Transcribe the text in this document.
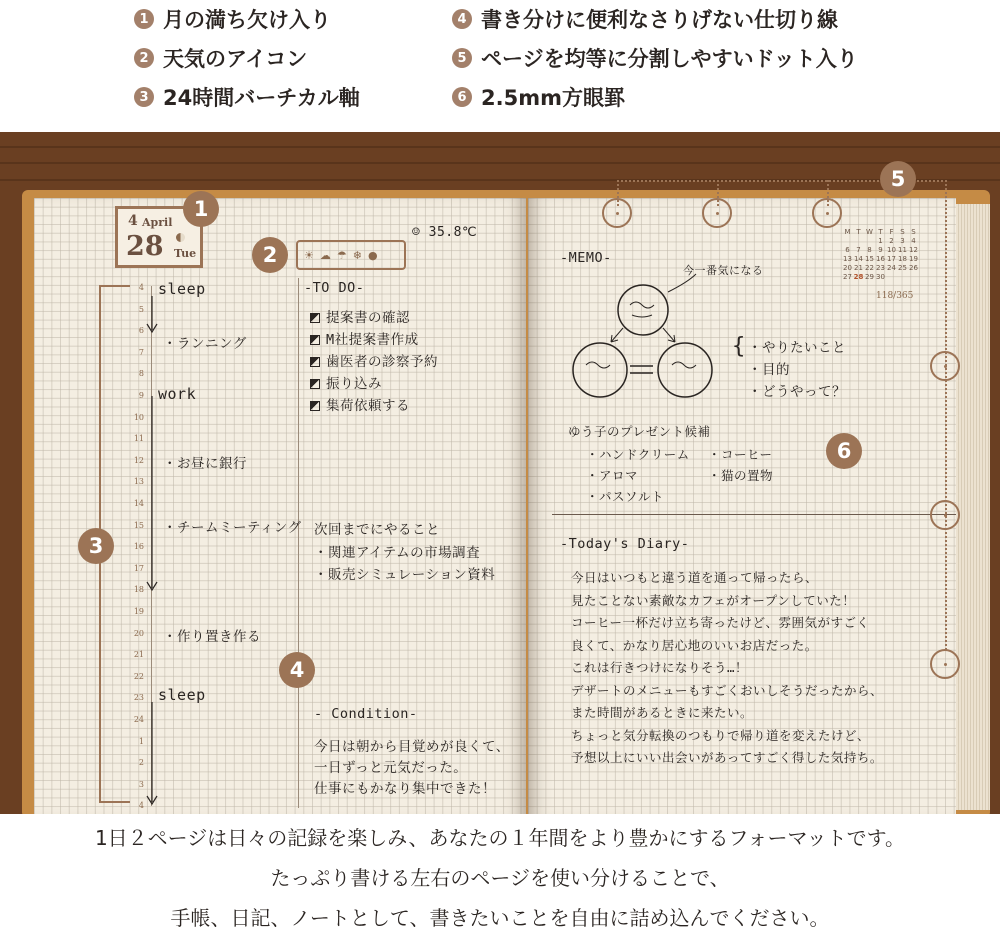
1 月の満ち欠け入り
2 天気のアイコン
3 24時間バーチカル軸
4 書き分けに便利なさりげない仕切り線
5 ページを均等に分割しやすいドット入り
6 2.5mm方眼罫
4 April
28 Tue	☀ ☁ ☂ ❄ ●
☺ 35.8℃
4
5
6
7
8
9
10
11
12
13
14
15
16
17
18
19
20
21
22
23
24
1
2
3
4
sleep
・ランニング
work
・お昼に銀行
・チームミーティング
・作り置き作る
sleep
-TO DO-
提案書の確認
M社提案書作成
歯医者の診察予約
振り込み
集荷依頼する
次回までにやること
・関連アイテムの市場調査
・販売シミュレーション資料
- Condition-
今日は朝から目覚めが良くて、
一日ずっと元気だった。
仕事にもかなり集中できた！
-MEMO-
今一番気になる
{ ・やりたいこと
・目的
・どうやって？
ゆう子のプレゼント候補
・ハンドクリーム ・コーヒー
・アロマ	・猫の置物
・パスソルト
M T W T F S S
1 2 3 4
6 7 8 9 10 11 12
13 14 15 16 17 18 19
20 21 22 23 24 25 26
27 28 29 30
118/365
-Today's Diary-
今日はいつもと違う道を通って帰ったら、
見たことない素敵なカフェがオープンしていた！
コーヒー一杯だけ立ち寄ったけど、雰囲気がすごく
良くて、かなり居心地のいいお店だった。
これは行きつけになりそう…！
デザートのメニューもすごくおいしそうだったから、
また時間があるときに来たい。
ちょっと気分転換のつもりで帰り道を変えたけど、
予想以上にいい出会いがあってすごく得した気持ち。
1
2
3
4
5
6
1日２ページは日々の記録を楽しみ、あなたの１年間をより豊かにするフォーマットです。
たっぷり書ける左右のページを使い分けることで、
手帳、日記、ノートとして、書きたいことを自由に詰め込んでください。
